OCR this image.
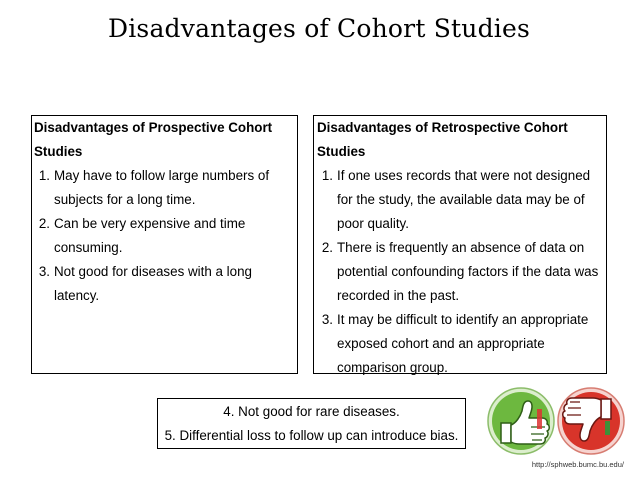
Disadvantages of Cohort Studies
Disadvantages of Prospective Cohort
Studies
1. May have to follow large numbers of
subjects for a long time.
2. Can be very expensive and time
consuming.
3. Not good for diseases with a long
latency.
Disadvantages of Retrospective Cohort
Studies
1. If one uses records that were not designed
for the study, the available data may be of
poor quality.
2. There is frequently an absence of data on
potential confounding factors if the data was
recorded in the past.
3. It may be difficult to identify an appropriate
exposed cohort and an appropriate
comparison group.
4. Not good for rare diseases.
5. Differential loss to follow up can introduce bias.
http://sphweb.bumc.bu.edu/
